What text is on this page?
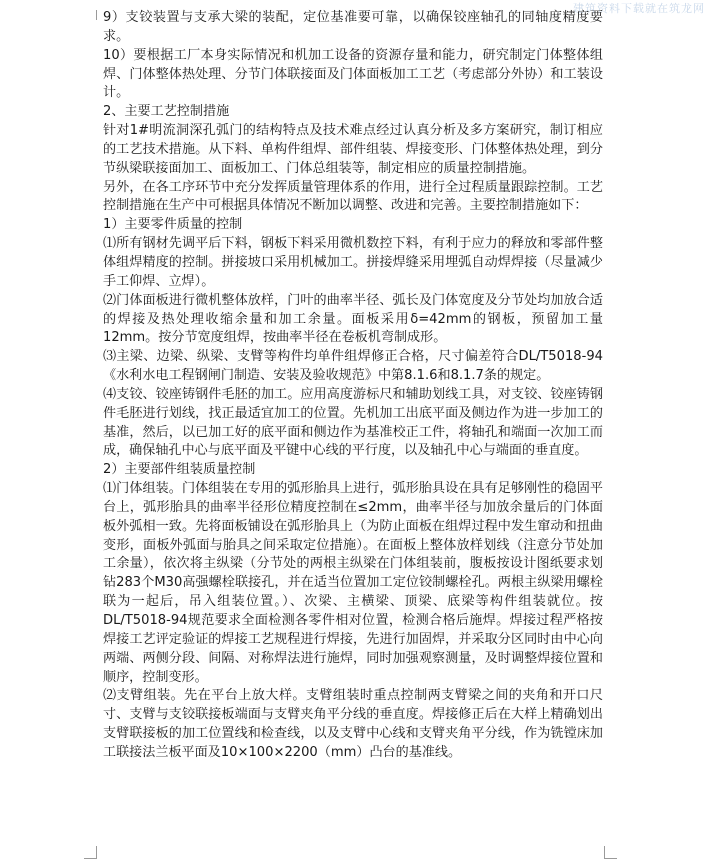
建筑资料下载就在筑龙网

9）支铰装置与支承大梁的装配，定位基准要可靠，以确保铰座轴孔的同轴度精度要求。

10）要根据工厂本身实际情况和机加工设备的资源存量和能力，研究制定门体整体组焊、门体整体热处理、分节门体联接面及门体面板加工工艺（考虑部分外协）和工装设计。

2、主要工艺控制措施

针对1#明流洞深孔弧门的结构特点及技术难点经过认真分析及多方案研究，制订相应的工艺技术措施。从下料、单构件组焊、部件组装、焊接变形、门体整体热处理，到分节纵梁联接面加工、面板加工、门体总组装等，制定相应的质量控制措施。

另外，在各工序环节中充分发挥质量管理体系的作用，进行全过程质量跟踪控制。工艺控制措施在生产中可根据具体情况不断加以调整、改进和完善。主要控制措施如下：

1）主要零件质量的控制

⑴所有钢材先调平后下料，钢板下料采用微机数控下料，有利于应力的释放和零部件整体组焊精度的控制。拼接坡口采用机械加工。拼接焊缝采用埋弧自动焊焊接（尽量减少手工仰焊、立焊）。

⑵门体面板进行微机整体放样，门叶的曲率半径、弧长及门体宽度及分节处均加放合适的焊接及热处理收缩余量和加工余量。面板采用δ=42mm的钢板，预留加工量12mm。按分节宽度组焊，按曲率半径在卷板机弯制成形。

⑶主梁、边梁、纵梁、支臂等构件均单件组焊修正合格，尺寸偏差符合DL/T5018-94《水利水电工程钢闸门制造、安装及验收规范》中第8.1.6和8.1.7条的规定。

⑷支铰、铰座铸钢件毛胚的加工。应用高度游标尺和辅助划线工具，对支铰、铰座铸钢件毛胚进行划线，找正最适宜加工的位置。先机加工出底平面及侧边作为进一步加工的基准，然后，以已加工好的底平面和侧边作为基准校正工件，将轴孔和端面一次加工而成，确保轴孔中心与底平面及平键中心线的平行度，以及轴孔中心与端面的垂直度。

2）主要部件组装质量控制

⑴门体组装。门体组装在专用的弧形胎具上进行，弧形胎具设在具有足够刚性的稳固平台上，弧形胎具的曲率半径形位精度控制在≤2mm，曲率半径与加放余量后的门体面板外弧相一致。先将面板铺设在弧形胎具上（为防止面板在组焊过程中发生窜动和扭曲变形，面板外弧面与胎具之间采取定位措施）。在面板上整体放样划线（注意分节处加工余量），依次将主纵梁（分节处的两根主纵梁在门体组装前，腹板按设计图纸要求划钻283个M30高强螺栓联接孔，并在适当位置加工定位铰制螺栓孔。两根主纵梁用螺栓联为一起后，吊入组装位置。）、次梁、主横梁、顶梁、底梁等构件组装就位。按DL/T5018-94规范要求全面检测各零件相对位置，检测合格后施焊。焊接过程严格按焊接工艺评定验证的焊接工艺规程进行焊接，先进行加固焊，并采取分区同时由中心向两端、两侧分段、间隔、对称焊法进行施焊，同时加强观察测量，及时调整焊接位置和顺序，控制变形。

⑵支臂组装。先在平台上放大样。支臂组装时重点控制两支臂梁之间的夹角和开口尺寸、支臂与支铰联接板端面与支臂夹角平分线的垂直度。焊接修正后在大样上精确划出支臂联接板的加工位置线和检查线，以及支臂中心线和支臂夹角平分线，作为铣镗床加工联接法兰板平面及10×100×2200（mm）凸台的基准线。
